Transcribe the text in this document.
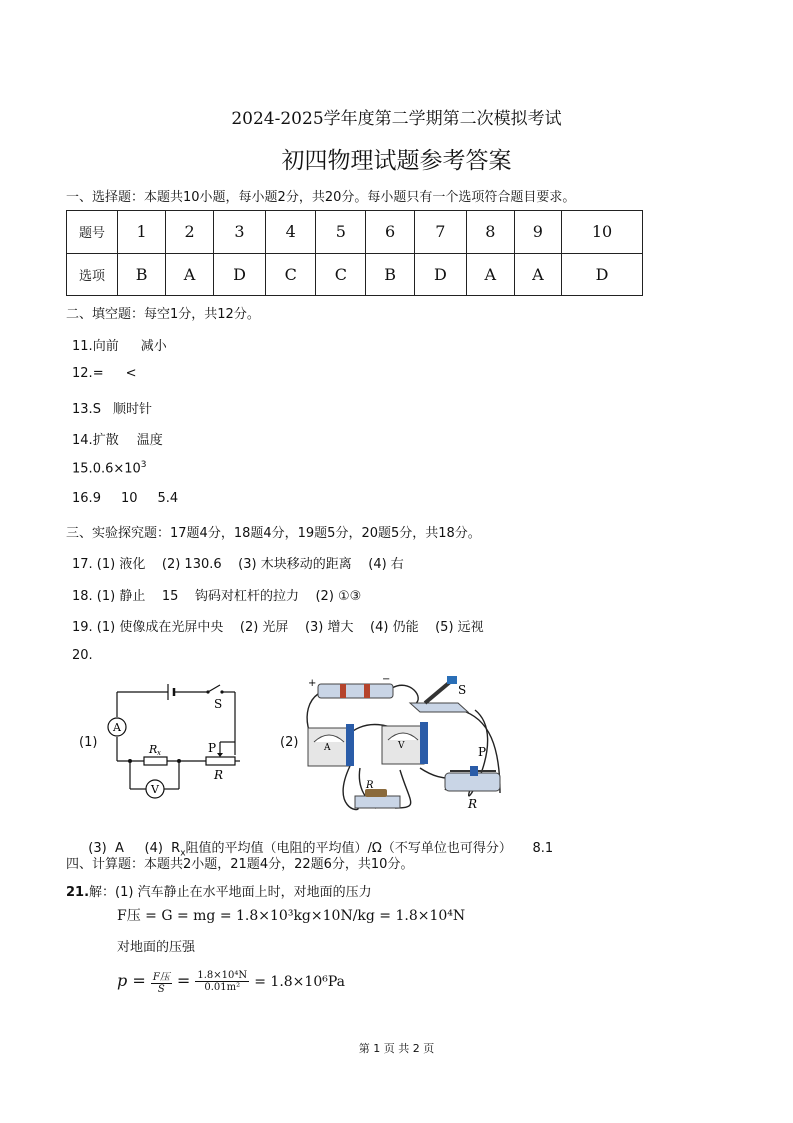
2024-2025学年度第二学期第二次模拟考试
初四物理试题参考答案
一、选择题：本题共10小题，每小题2分，共20分。每小题只有一个选项符合题目要求。
题号	1	2	3	4	5	6	7	8	9	10
选项	B	A	D	C	C	B	D	A	A	D
二、填空题：每空1分，共12分。
11.向前 减小
12.= <
13.S 顺时针
14.扩散 温度
$15.0.6\times 10^3$
16.9 10 5.4
三、实验探究题：17题4分，18题4分，19题5分，20题5分，共18分。
17. (1) 液化    (2) 130.6    (3) 木块移动的距离    (4) 右
18. (1) 静止    15    钩码对杠杆的拉力    (2) ①③
19. (1) 使像成在光屏中央    (2) 光屏    (3) 增大    (4) 仍能    (5) 远视
20.
(1)	(2)
A
V
S
R x	P
R
+	−
S
A	V
R
P
R

(3)  A     (4)  $R_x$阻值的平均值（电阻的平均值）/Ω（不写单位也可得分）     8.1

四、计算题：本题共2小题，21题4分，22题6分，共10分。
21.解：(1) 汽车静止在水平地面上时，对地面的压力
F压 = G = mg = 1.8×10³kg×10N/kg = 1.8×10⁴N
对地面的压强
$p = \frac{\text{F压}}{S} = \frac{\text{1.8×10⁴N}}{\text{0.01m²}} = 1.8\times 10^6Pa$
第 1 页 共 2 页
